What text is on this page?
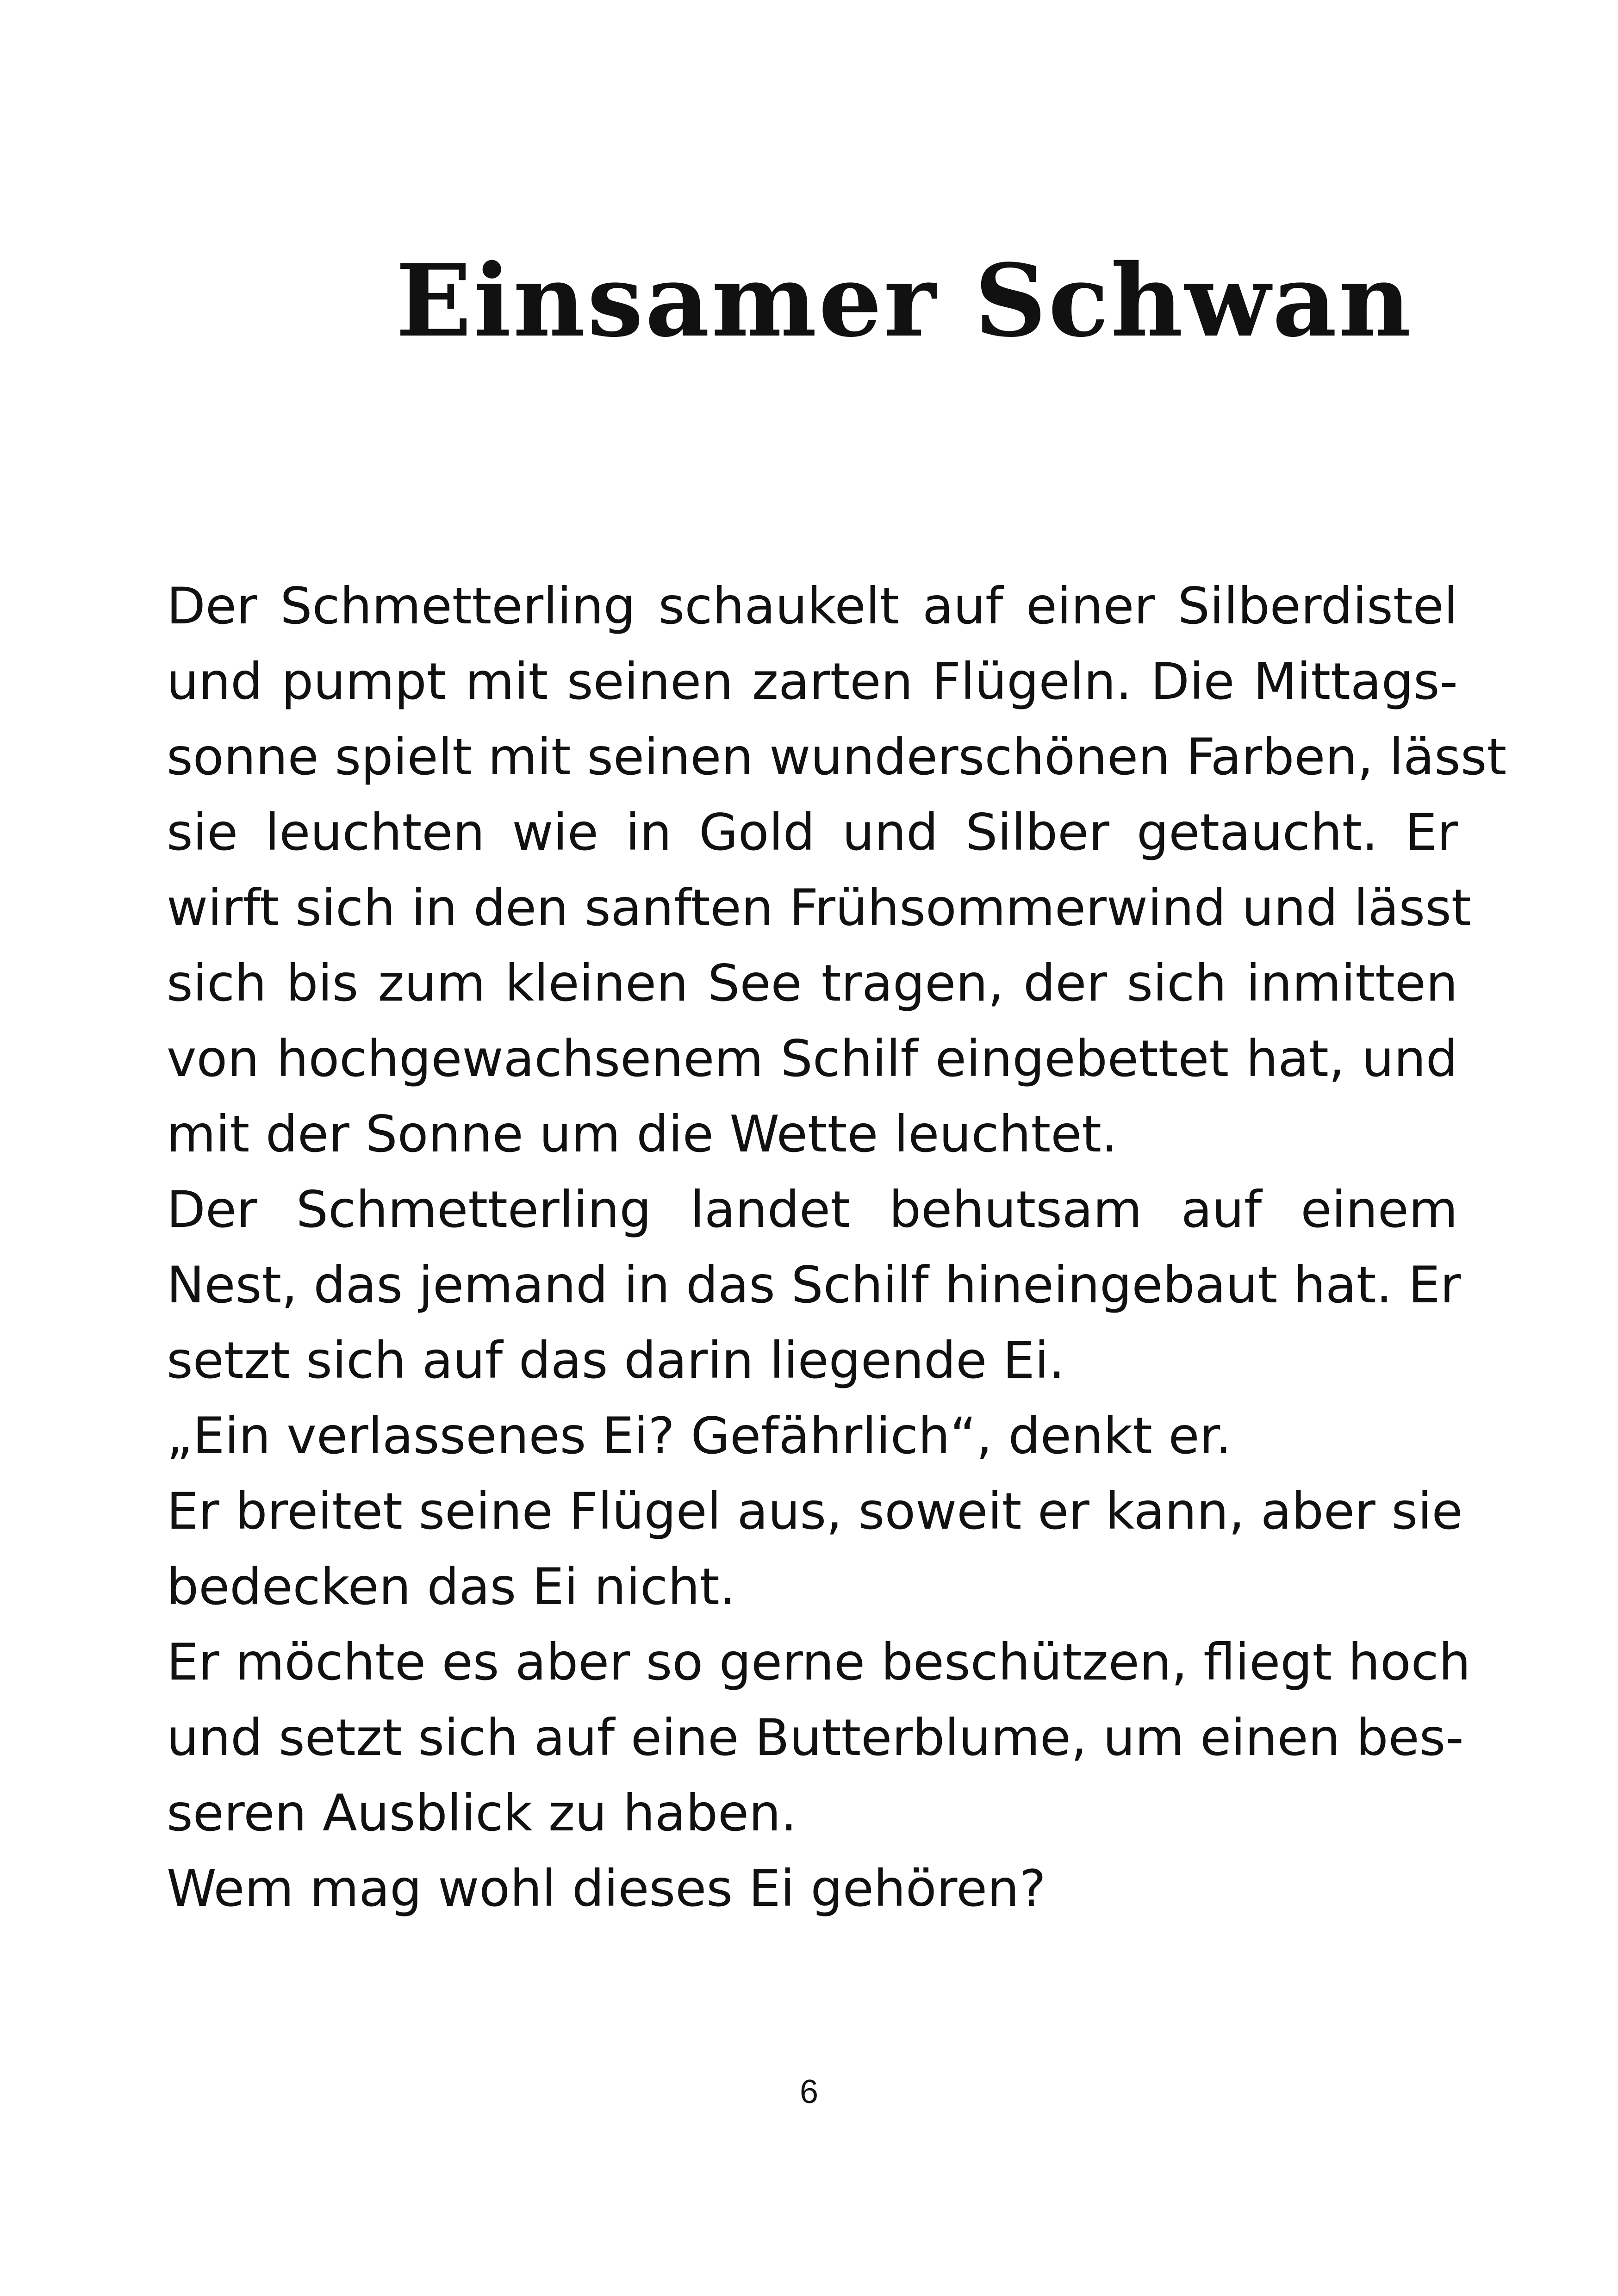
Einsamer Schwan
Der Schmetterling schaukelt auf einer Silberdistel
und pumpt mit seinen zarten Flügeln. Die Mittags-
sonne spielt mit seinen wunderschönen Farben, lässt
sie leuchten wie in Gold und Silber getaucht. Er
wirft sich in den sanften Frühsommerwind und lässt
sich bis zum kleinen See tragen, der sich inmitten
von hochgewachsenem Schilf eingebettet hat, und
mit der Sonne um die Wette leuchtet.
Der Schmetterling landet behutsam auf einem
Nest, das jemand in das Schilf hineingebaut hat. Er
setzt sich auf das darin liegende Ei.
„Ein verlassenes Ei? Gefährlich“, denkt er.
Er breitet seine Flügel aus, soweit er kann, aber sie
bedecken das Ei nicht.
Er möchte es aber so gerne beschützen, fliegt hoch
und setzt sich auf eine Butterblume, um einen bes-
seren Ausblick zu haben.
Wem mag wohl dieses Ei gehören?
6
